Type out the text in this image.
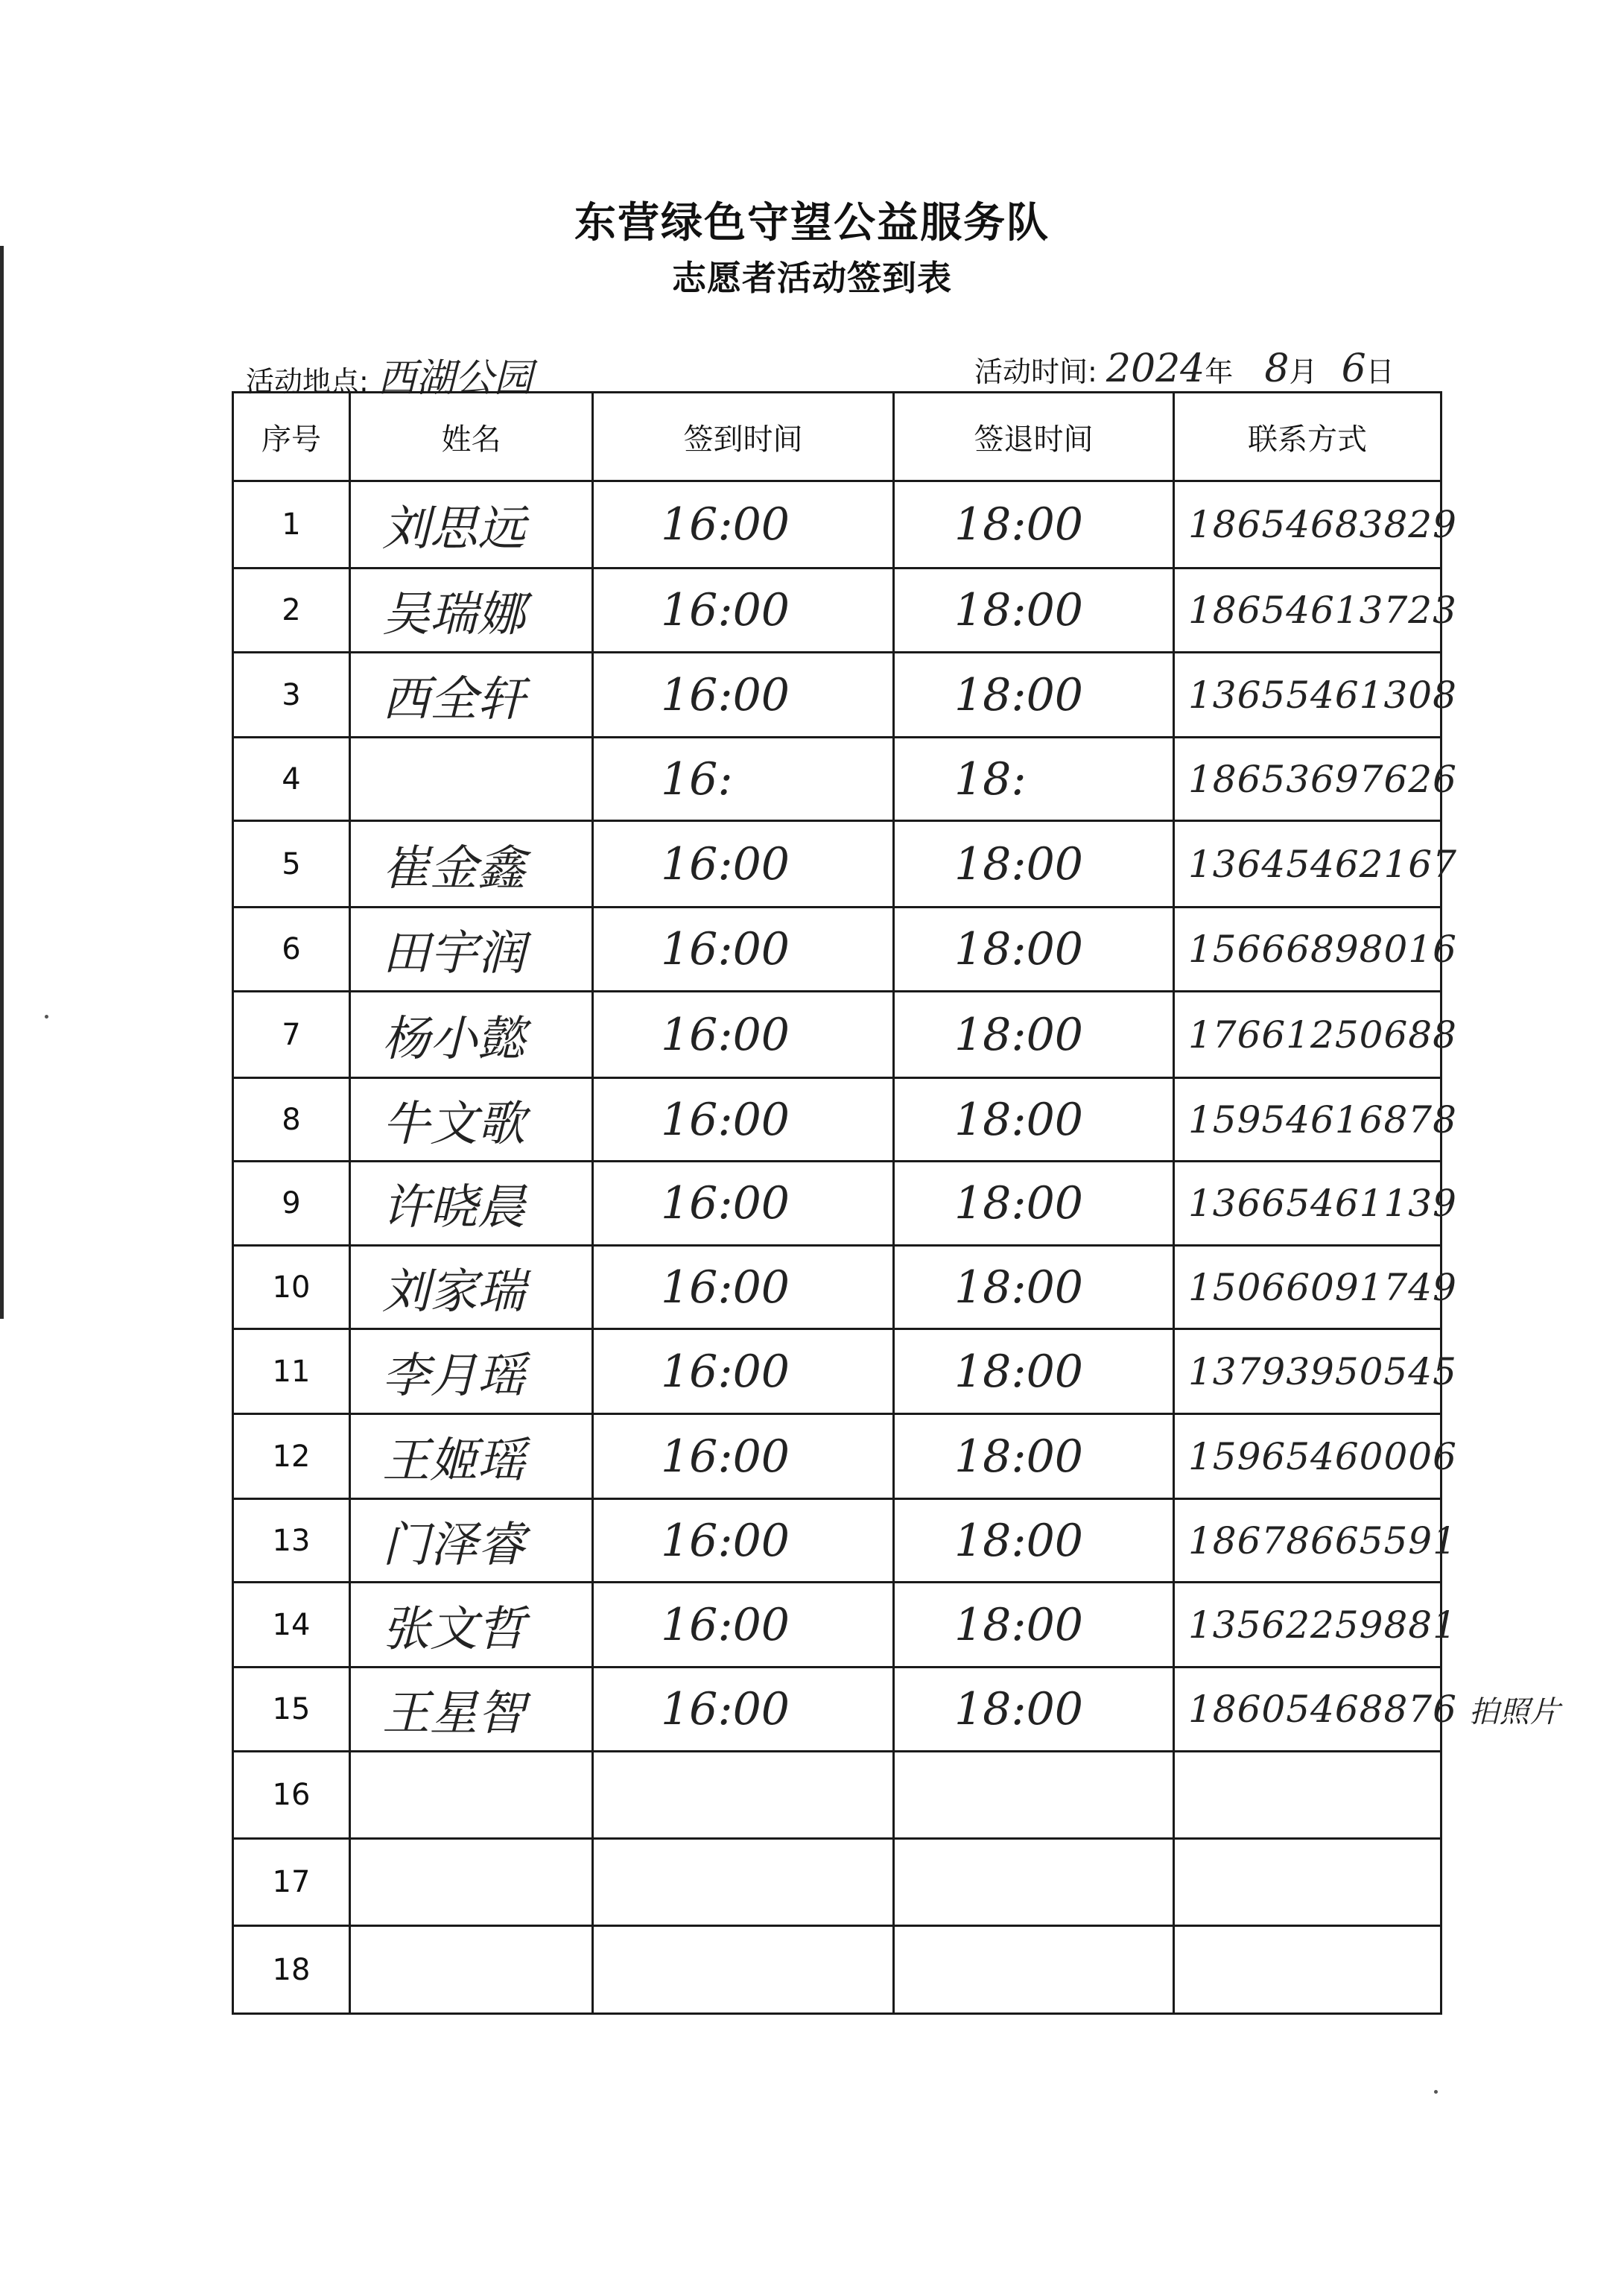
东营绿色守望公益服务队
志愿者活动签到表
活动地点: 西湖公园	活动时间: 2024年 8月 6日
序号	姓名	签到时间	签退时间	联系方式
1	刘思远	16:00	18:00	18654683829
2	吴瑞娜	16:00	18:00	18654613723
3	西全轩	16:00	18:00	13655461308
4		16:	18:	18653697626
5	崔金鑫	16:00	18:00	13645462167
6	田宇润	16:00	18:00	15666898016
7	杨小懿	16:00	18:00	17661250688
8	牛文歌	16:00	18:00	15954616878
9	许晓晨	16:00	18:00	13665461139
10	刘家瑞	16:00	18:00	15066091749
11	李月瑶	16:00	18:00	13793950545
12	王姬瑶	16:00	18:00	15965460006
13	门泽睿	16:00	18:00	18678665591
14	张文哲	16:00	18:00	13562259881
15	王星智	16:00	18:00	18605468876 拍照片
16				
17				
18				
